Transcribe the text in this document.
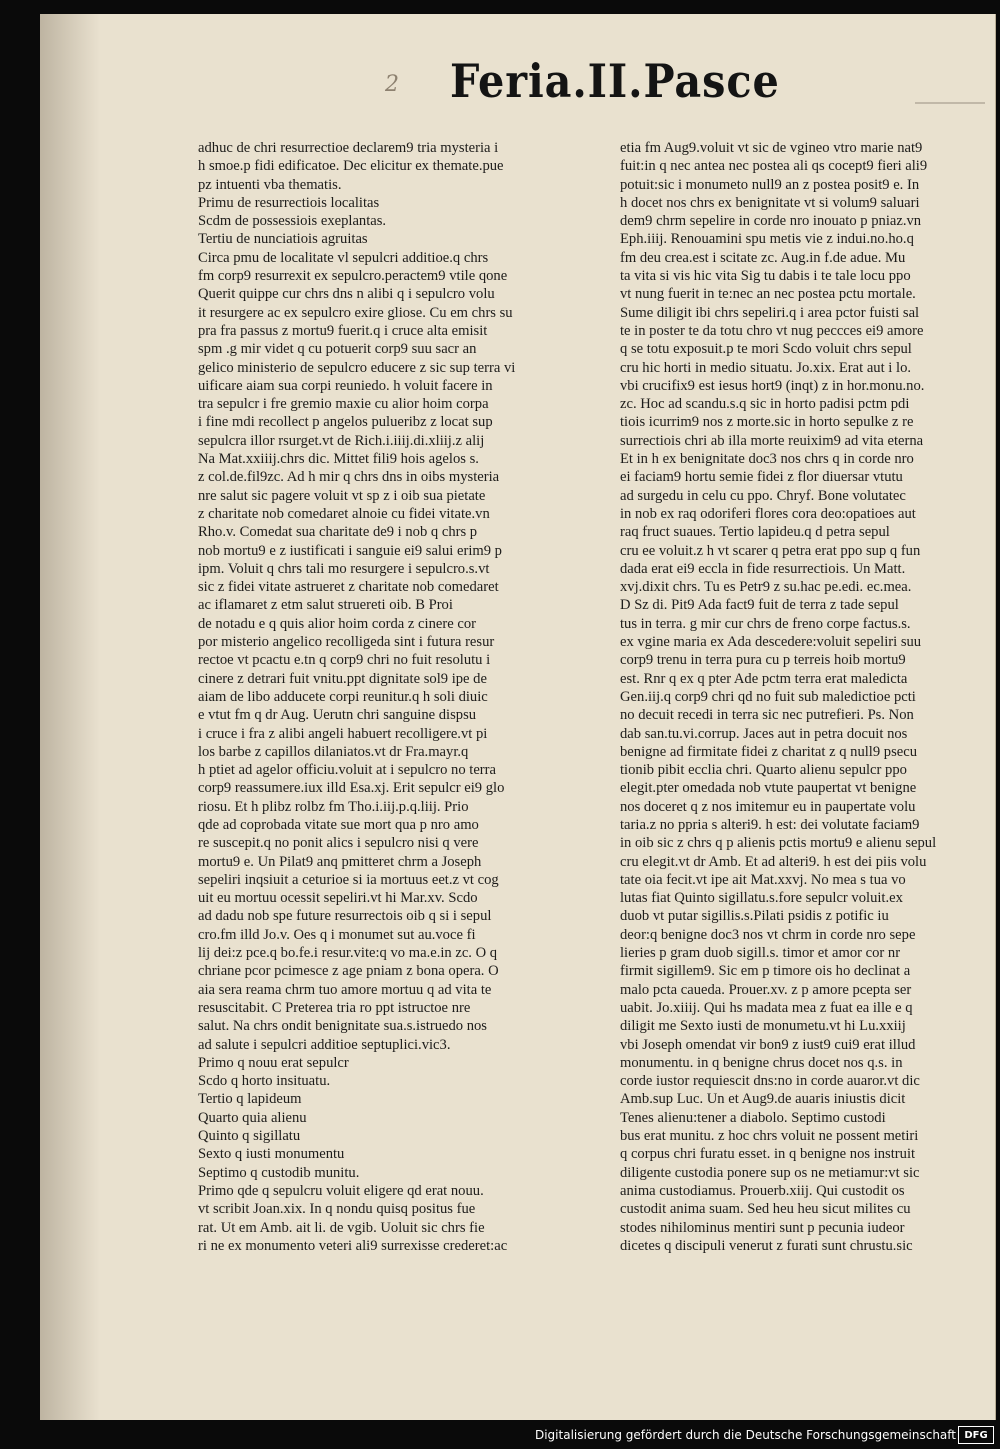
2 Feria.II.Pasce
adhuc de chri resurrectioe declarem9 tria mysteria i
h smoe.p fidi edificatoe. Dec elicitur ex themate.pue
pz intuenti vba thematis.
Primu de resurrectiois localitas
Scdm de possessiois exeplantas.
Tertiu de nunciatiois agruitas
Circa pmu de localitate vl sepulcri additioe.q chrs
fm corp9 resurrexit ex sepulcro.peractem9 vtile qone
Querit quippe cur chrs dns n alibi q i sepulcro volu
it resurgere ac ex sepulcro exire gliose. Cu em chrs su
pra fra passus z mortu9 fuerit.q i cruce alta emisit
spm .g mir videt q cu potuerit corp9 suu sacr an
gelico ministerio de sepulcro educere z sic sup terra vi
uificare aiam sua corpi reuniedo. h voluit facere in
tra sepulcr i fre gremio maxie cu alior hoim corpa
i fine mdi recollect p angelos pulueribz z locat sup
sepulcra illor rsurget.vt de Rich.i.iiij.di.xliij.z alij
Na Mat.xxiiij.chrs dic. Mittet fili9 hois agelos s.
z col.de.fil9zc. Ad h mir q chrs dns in oibs mysteria
nre salut sic pagere voluit vt sp z i oib sua pietate
z charitate nob comedaret alnoie cu fidei vitate.vn
Rho.v. Comedat sua charitate de9 i nob q chrs p
nob mortu9 e z iustificati i sanguie ei9 salui erim9 p
ipm. Voluit q chrs tali mo resurgere i sepulcro.s.vt
sic z fidei vitate astrueret z charitate nob comedaret
ac iflamaret z etm salut struereti oib. B Proi
de notadu e q quis alior hoim corda z cinere cor
por misterio angelico recolligeda sint i futura resur
rectoe vt pcactu e.tn q corp9 chri no fuit resolutu i
cinere z detrari fuit vnitu.ppt dignitate sol9 ipe de
aiam de libo adducete corpi reunitur.q h soli diuic
e vtut fm q dr Aug. Uerutn chri sanguine dispsu
i cruce i fra z alibi angeli habuert recolligere.vt pi
los barbe z capillos dilaniatos.vt dr Fra.mayr.q
h ptiet ad agelor officiu.voluit at i sepulcro no terra
corp9 reassumere.iux illd Esa.xj. Erit sepulcr ei9 glo
riosu. Et h plibz rolbz fm Tho.i.iij.p.q.liij. Prio
qde ad coprobada vitate sue mort qua p nro amo
re suscepit.q no ponit alics i sepulcro nisi q vere
mortu9 e. Un Pilat9 anq pmitteret chrm a Joseph
sepeliri inqsiuit a ceturioe si ia mortuus eet.z vt cog
uit eu mortuu ocessit sepeliri.vt hi Mar.xv. Scdo
ad dadu nob spe future resurrectois oib q si i sepul
cro.fm illd Jo.v. Oes q i monumet sut au.voce fi
lij dei:z pce.q bo.fe.i resur.vite:q vo ma.e.in zc. O q
chriane pcor pcimesce z age pniam z bona opera. O
aia sera reama chrm tuo amore mortuu q ad vita te
resuscitabit. C Preterea tria ro ppt istructoe nre
salut. Na chrs ondit benignitate sua.s.istruedo nos
ad salute i sepulcri additioe septuplici.vic3.
Primo q nouu erat sepulcr
Scdo q horto insituatu.
Tertio q lapideum
Quarto quia alienu
Quinto q sigillatu
Sexto q iusti monumentu
Septimo q custodib munitu.
Primo qde q sepulcru voluit eligere qd erat nouu.
vt scribit Joan.xix. In q nondu quisq positus fue
rat. Ut em Amb. ait li. de vgib. Uoluit sic chrs fie
ri ne ex monumento veteri ali9 surrexisse crederet:ac
etia fm Aug9.voluit vt sic de vgineo vtro marie nat9
fuit:in q nec antea nec postea ali qs cocept9 fieri ali9
potuit:sic i monumeto null9 an z postea posit9 e. In
h docet nos chrs ex benignitate vt si volum9 saluari
dem9 chrm sepelire in corde nro inouato p pniaz.vn
Eph.iiij. Renouamini spu metis vie z indui.no.ho.q
fm deu crea.est i scitate zc. Aug.in f.de adue. Mu
ta vita si vis hic vita Sig tu dabis i te tale locu ppo
vt nung fuerit in te:nec an nec postea pctu mortale.
Sume diligit ibi chrs sepeliri.q i area pctor fuisti sal
te in poster te da totu chro vt nug peccces ei9 amore
q se totu exposuit.p te mori Scdo voluit chrs sepul
cru hic horti in medio situatu. Jo.xix. Erat aut i lo.
vbi crucifix9 est iesus hort9 (inqt) z in hor.monu.no.
zc. Hoc ad scandu.s.q sic in horto padisi pctm pdi
tiois icurrim9 nos z morte.sic in horto sepulke z re
surrectiois chri ab illa morte reuixim9 ad vita eterna
Et in h ex benignitate doc3 nos chrs q in corde nro
ei faciam9 hortu semie fidei z flor diuersar vtutu
ad surgedu in celu cu ppo. Chryf. Bone volutatec
in nob ex raq odoriferi flores cora deo:opatioes aut
raq fruct suaues. Tertio lapideu.q d petra sepul
cru ee voluit.z h vt scarer q petra erat ppo sup q fun
dada erat ei9 eccla in fide resurrectiois. Un Matt.
xvj.dixit chrs. Tu es Petr9 z su.hac pe.edi. ec.mea.
D Sz di. Pit9 Ada fact9 fuit de terra z tade sepul
tus in terra. g mir cur chrs de freno corpe factus.s.
ex vgine maria ex Ada descedere:voluit sepeliri suu
corp9 trenu in terra pura cu p terreis hoib mortu9
est. Rnr q ex q pter Ade pctm terra erat maledicta
Gen.iij.q corp9 chri qd no fuit sub maledictioe pcti
no decuit recedi in terra sic nec putrefieri. Ps. Non
dab san.tu.vi.corrup. Jaces aut in petra docuit nos
benigne ad firmitate fidei z charitat z q null9 psecu
tionib pibit ecclia chri. Quarto alienu sepulcr ppo
elegit.pter omedada nob vtute paupertat vt benigne
nos doceret q z nos imitemur eu in paupertate volu
taria.z no ppria s alteri9. h est: dei volutate faciam9
in oib sic z chrs q p alienis pctis mortu9 e alienu sepul
cru elegit.vt dr Amb. Et ad alteri9. h est dei piis volu
tate oia fecit.vt ipe ait Mat.xxvj. No mea s tua vo
lutas fiat Quinto sigillatu.s.fore sepulcr voluit.ex
duob vt putar sigillis.s.Pilati psidis z potific iu
deor:q benigne doc3 nos vt chrm in corde nro sepe
lieries p gram duob sigill.s. timor et amor cor nr
firmit sigillem9. Sic em p timore ois ho declinat a
malo pcta caueda. Prouer.xv. z p amore pcepta ser
uabit. Jo.xiiij. Qui hs madata mea z fuat ea ille e q
diligit me Sexto iusti de monumetu.vt hi Lu.xxiij
vbi Joseph omendat vir bon9 z iust9 cui9 erat illud
monumentu. in q benigne chrus docet nos q.s. in
corde iustor requiescit dns:no in corde auaror.vt dic
Amb.sup Luc. Un et Aug9.de auaris iniustis dicit
Tenes alienu:tener a diabolo. Septimo custodi
bus erat munitu. z hoc chrs voluit ne possent metiri
q corpus chri furatu esset. in q benigne nos instruit
diligente custodia ponere sup os ne metiamur:vt sic
anima custodiamus. Prouerb.xiij. Qui custodit os
custodit anima suam. Sed heu heu sicut milites cu
stodes nihilominus mentiri sunt p pecunia iudeor
dicetes q discipuli venerut z furati sunt chrustu.sic
Digitalisierung gefördert durch die Deutsche Forschungsgemeinschaft DFG
